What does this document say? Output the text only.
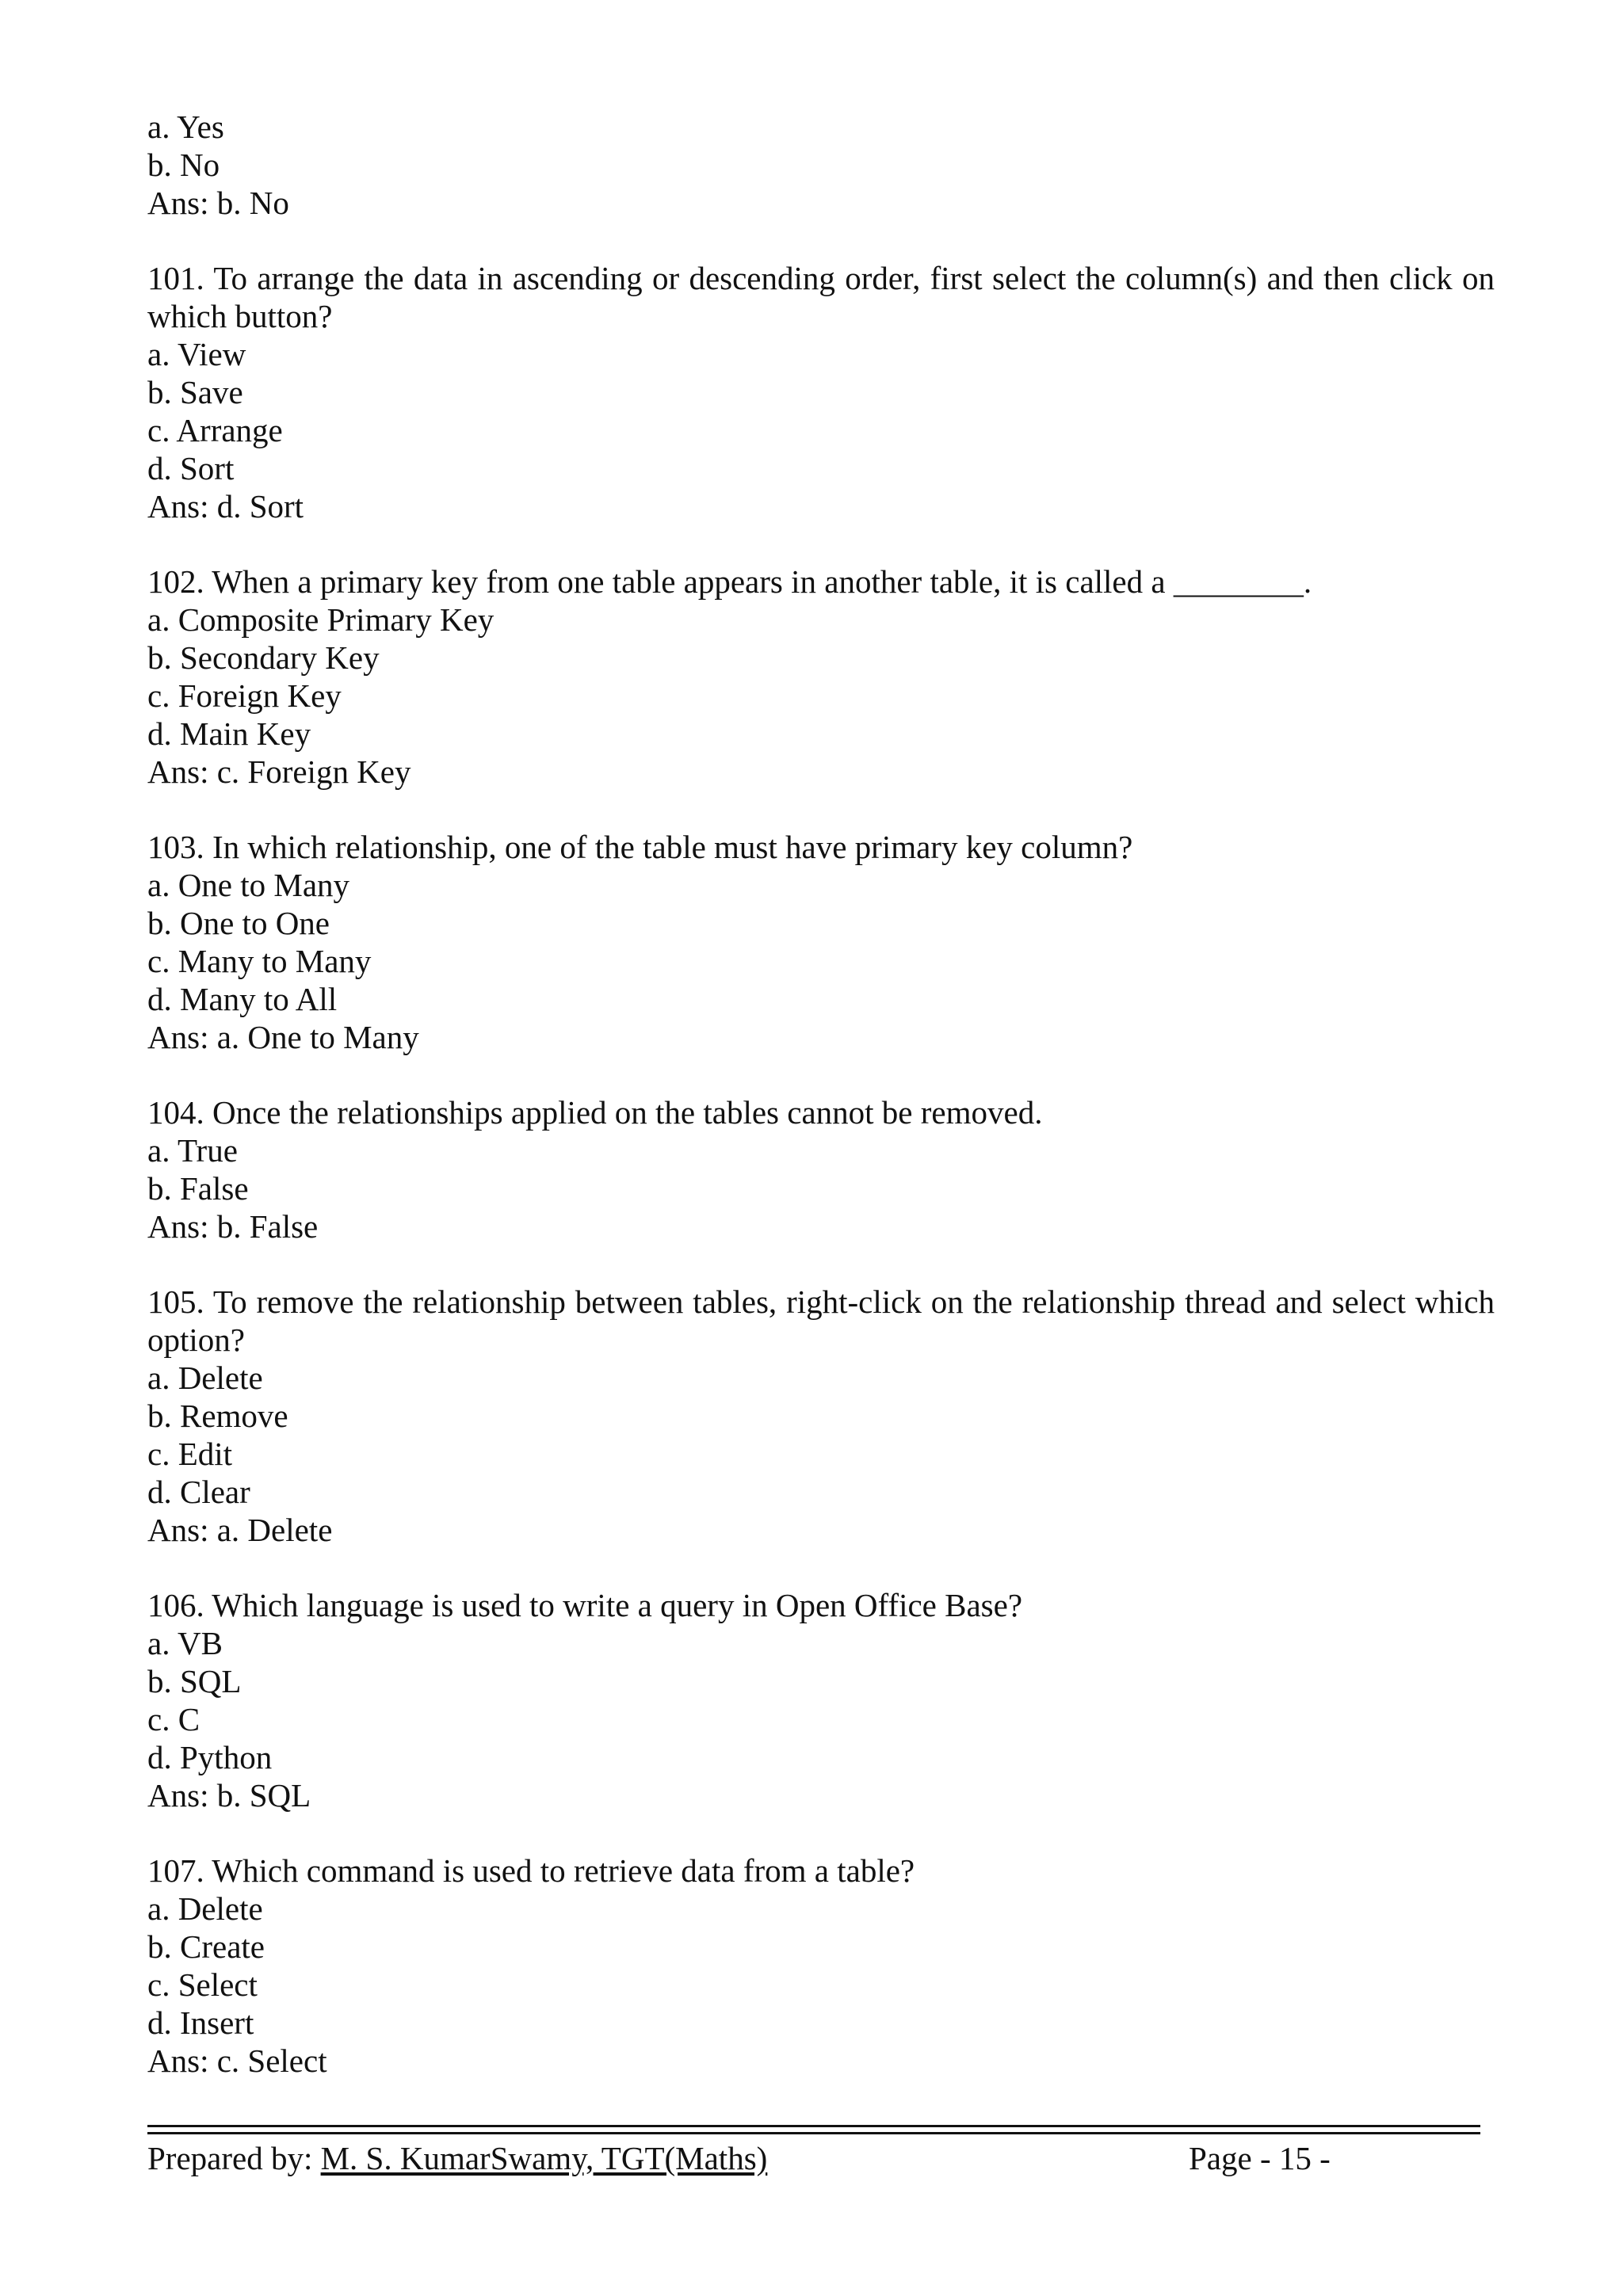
a. Yes
b. No
Ans: b. No
101. To arrange the data in ascending or descending order, first select the column(s) and then click on which button?
a. View
b. Save
c. Arrange
d. Sort
Ans: d. Sort
102. When a primary key from one table appears in another table, it is called a ________.
a. Composite Primary Key
b. Secondary Key
c. Foreign Key
d. Main Key
Ans: c. Foreign Key
103. In which relationship, one of the table must have primary key column?
a. One to Many
b. One to One
c. Many to Many
d. Many to All
Ans: a. One to Many
104. Once the relationships applied on the tables cannot be removed.
a. True
b. False
Ans: b. False
105. To remove the relationship between tables, right-click on the relationship thread and select which option?
a. Delete
b. Remove
c. Edit
d. Clear
Ans: a. Delete
106. Which language is used to write a query in Open Office Base?
a. VB
b. SQL
c. C
d. Python
Ans: b. SQL
107. Which command is used to retrieve data from a table?
a. Delete
b. Create
c. Select
d. Insert
Ans: c. Select
Prepared by: M. S. KumarSwamy, TGT(Maths)	Page - 15 -
